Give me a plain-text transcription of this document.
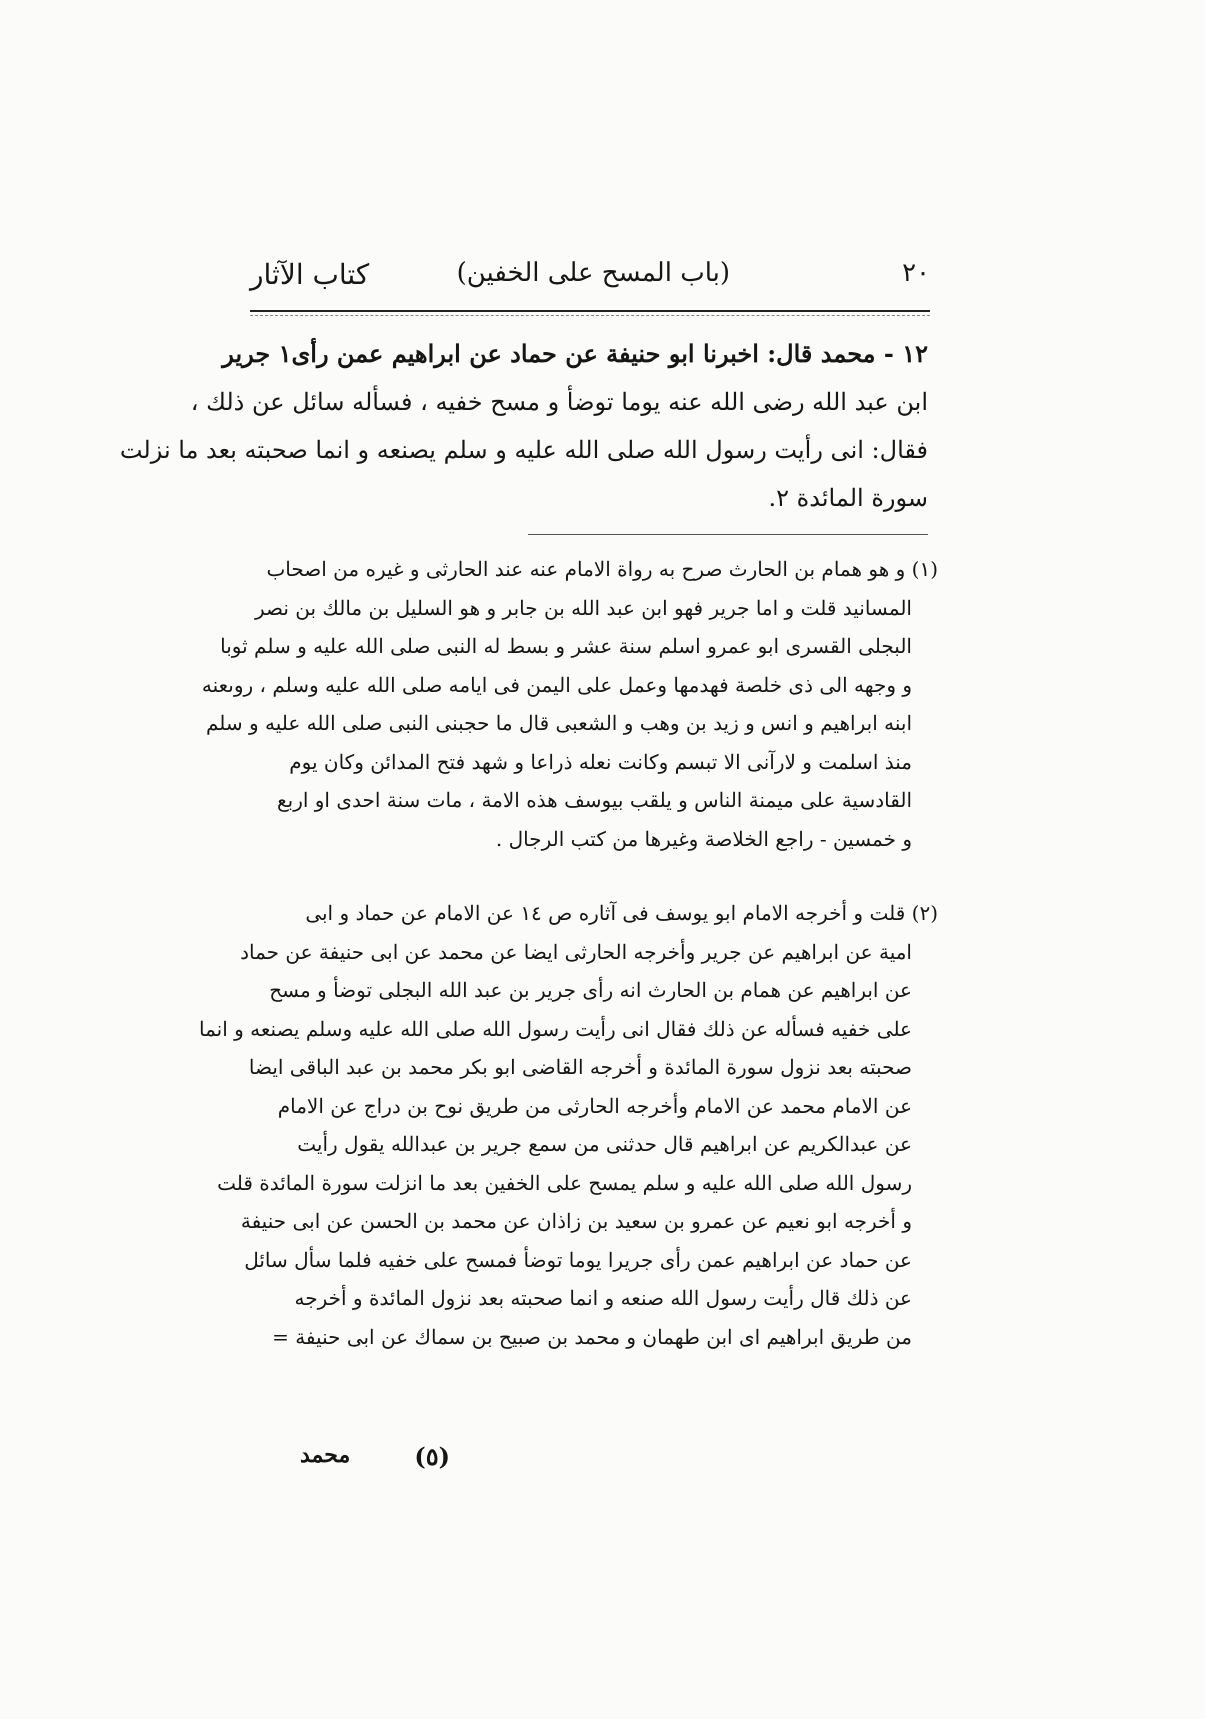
٢٠
(باب المسح على الخفين)
كتاب الآثار
١٢ - محمد قال: اخبرنا ابو حنيفة عن حماد عن ابراهيم عمن رأى١ جرير
ابن عبد الله رضى الله عنه يوما توضأ و مسح خفيه ، فسأله سائل عن ذلك ،
فقال: انى رأيت رسول الله صلى الله عليه و سلم يصنعه و انما صحبته بعد ما نزلت
سورة المائدة ٢.
(١) و هو همام بن الحارث صرح به رواة الامام عنه عند الحارثى و غيره من اصحاب
المسانيد قلت و اما جرير فهو ابن عبد الله بن جابر و هو السليل بن مالك بن نصر
البجلى القسرى ابو عمرو اسلم سنة عشر و بسط له النبى صلى الله عليه و سلم ثوبا
و وجهه الى ذى خلصة فهدمها وعمل على اليمن فى ايامه صلى الله عليه وسلم ، روىعنه
ابنه ابراهيم و انس و زيد بن وهب و الشعبى قال ما حجبنى النبى صلى الله عليه و سلم
منذ اسلمت و لارآنى الا تبسم وكانت نعله ذراعا و شهد فتح المدائن وكان يوم
القادسية على ميمنة الناس و يلقب بيوسف هذه الامة ، مات سنة احدى او اربع
و خمسين - راجع الخلاصة وغيرها من كتب الرجال .
(٢) قلت و أخرجه الامام ابو يوسف فى آثاره ص ١٤ عن الامام عن حماد و ابى
امية عن ابراهيم عن جرير وأخرجه الحارثى ايضا عن محمد عن ابى حنيفة عن حماد
عن ابراهيم عن همام بن الحارث انه رأى جرير بن عبد الله البجلى توضأ و مسح
على خفيه فسأله عن ذلك فقال انى رأيت رسول الله صلى الله عليه وسلم يصنعه و انما
صحبته بعد نزول سورة المائدة و أخرجه القاضى ابو بكر محمد بن عبد الباقى ايضا
عن الامام محمد عن الامام وأخرجه الحارثى من طريق نوح بن دراج عن الامام
عن عبدالكريم عن ابراهيم قال حدثنى من سمع جرير بن عبدالله يقول رأيت
رسول الله صلى الله عليه و سلم يمسح على الخفين بعد ما انزلت سورة المائدة قلت
و أخرجه ابو نعيم عن عمرو بن سعيد بن زاذان عن محمد بن الحسن عن ابى حنيفة
عن حماد عن ابراهيم عمن رأى جريرا يوما توضأ فمسح على خفيه فلما سأل سائل
عن ذلك قال رأيت رسول الله صنعه و انما صحبته بعد نزول المائدة و أخرجه
من طريق ابراهيم اى ابن طهمان و محمد بن صبيح بن سماك عن ابى حنيفة =
(٥)
محمد
